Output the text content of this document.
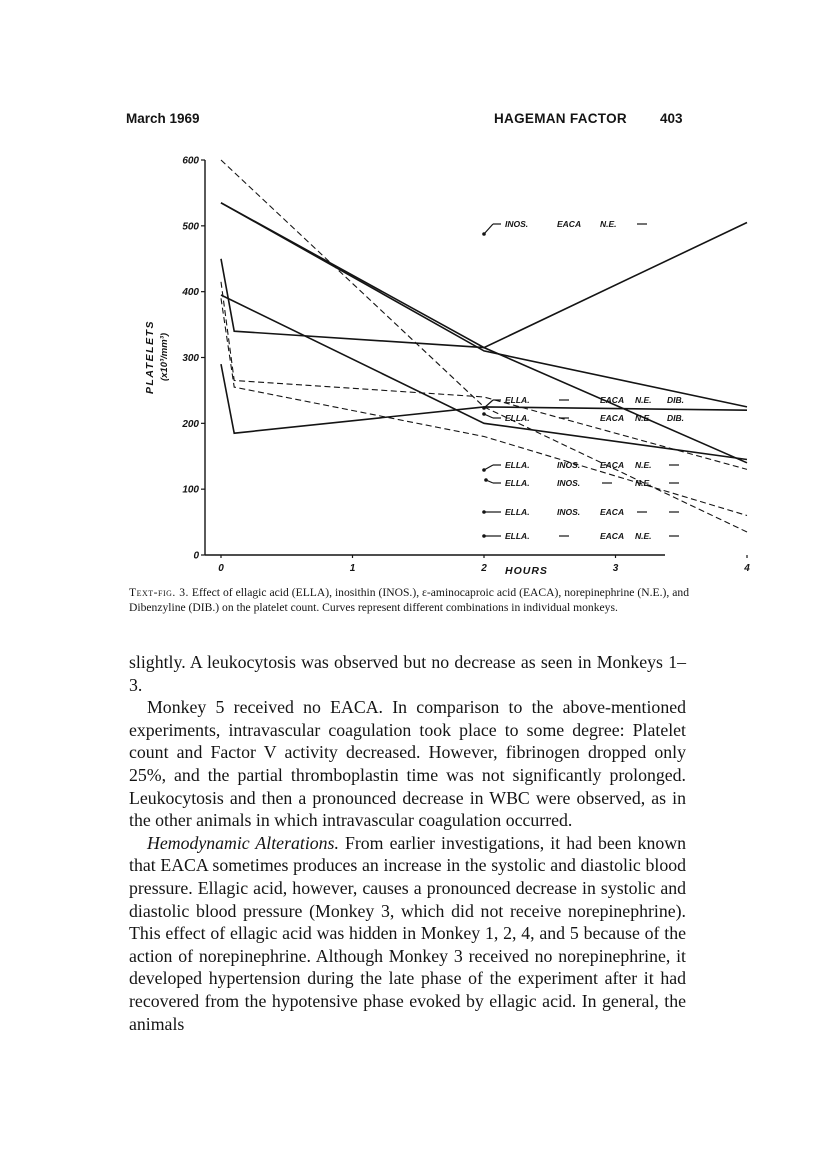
March 1969	HAGEMAN FACTOR 403
0
100
200
300
400
500
600
0	1	2	3	4
INOS.	EACA N.E.
ELLA.	EACA N.E. DIB.
ELLA.	EACA N.E. DIB.
ELLA.	INOS. EACA N.E.
ELLA.	INOS.	N.E.
ELLA.	INOS. EACA
ELLA.	EACA N.E.
PLATELETS (x10³/mm³)
HOURS
Text-fig. 3. Effect of ellagic acid (ELLA), inosithin (INOS.), ε-aminocaproic acid (EACA), norepinephrine (N.E.), and Dibenzyline (DIB.) on the platelet count. Curves represent different combinations in individual monkeys.

slightly. A leukocytosis was observed but no decrease as seen in Monkeys 1–3.

Monkey 5 received no EACA. In comparison to the above-mentioned experiments, intravascular coagulation took place to some degree: Platelet count and Factor V activity decreased. However, fibrinogen dropped only 25%, and the partial thromboplastin time was not significantly prolonged. Leukocytosis and then a pronounced decrease in WBC were observed, as in the other animals in which intravascular coagulation occurred.

Hemodynamic Alterations. From earlier investigations, it had been known that EACA sometimes produces an increase in the systolic and diastolic blood pressure. Ellagic acid, however, causes a pronounced decrease in systolic and diastolic blood pressure (Monkey 3, which did not receive norepinephrine). This effect of ellagic acid was hidden in Monkey 1, 2, 4, and 5 because of the action of norepinephrine. Although Monkey 3 received no norepinephrine, it developed hypertension during the late phase of the experiment after it had recovered from the hypotensive phase evoked by ellagic acid. In general, the animals
